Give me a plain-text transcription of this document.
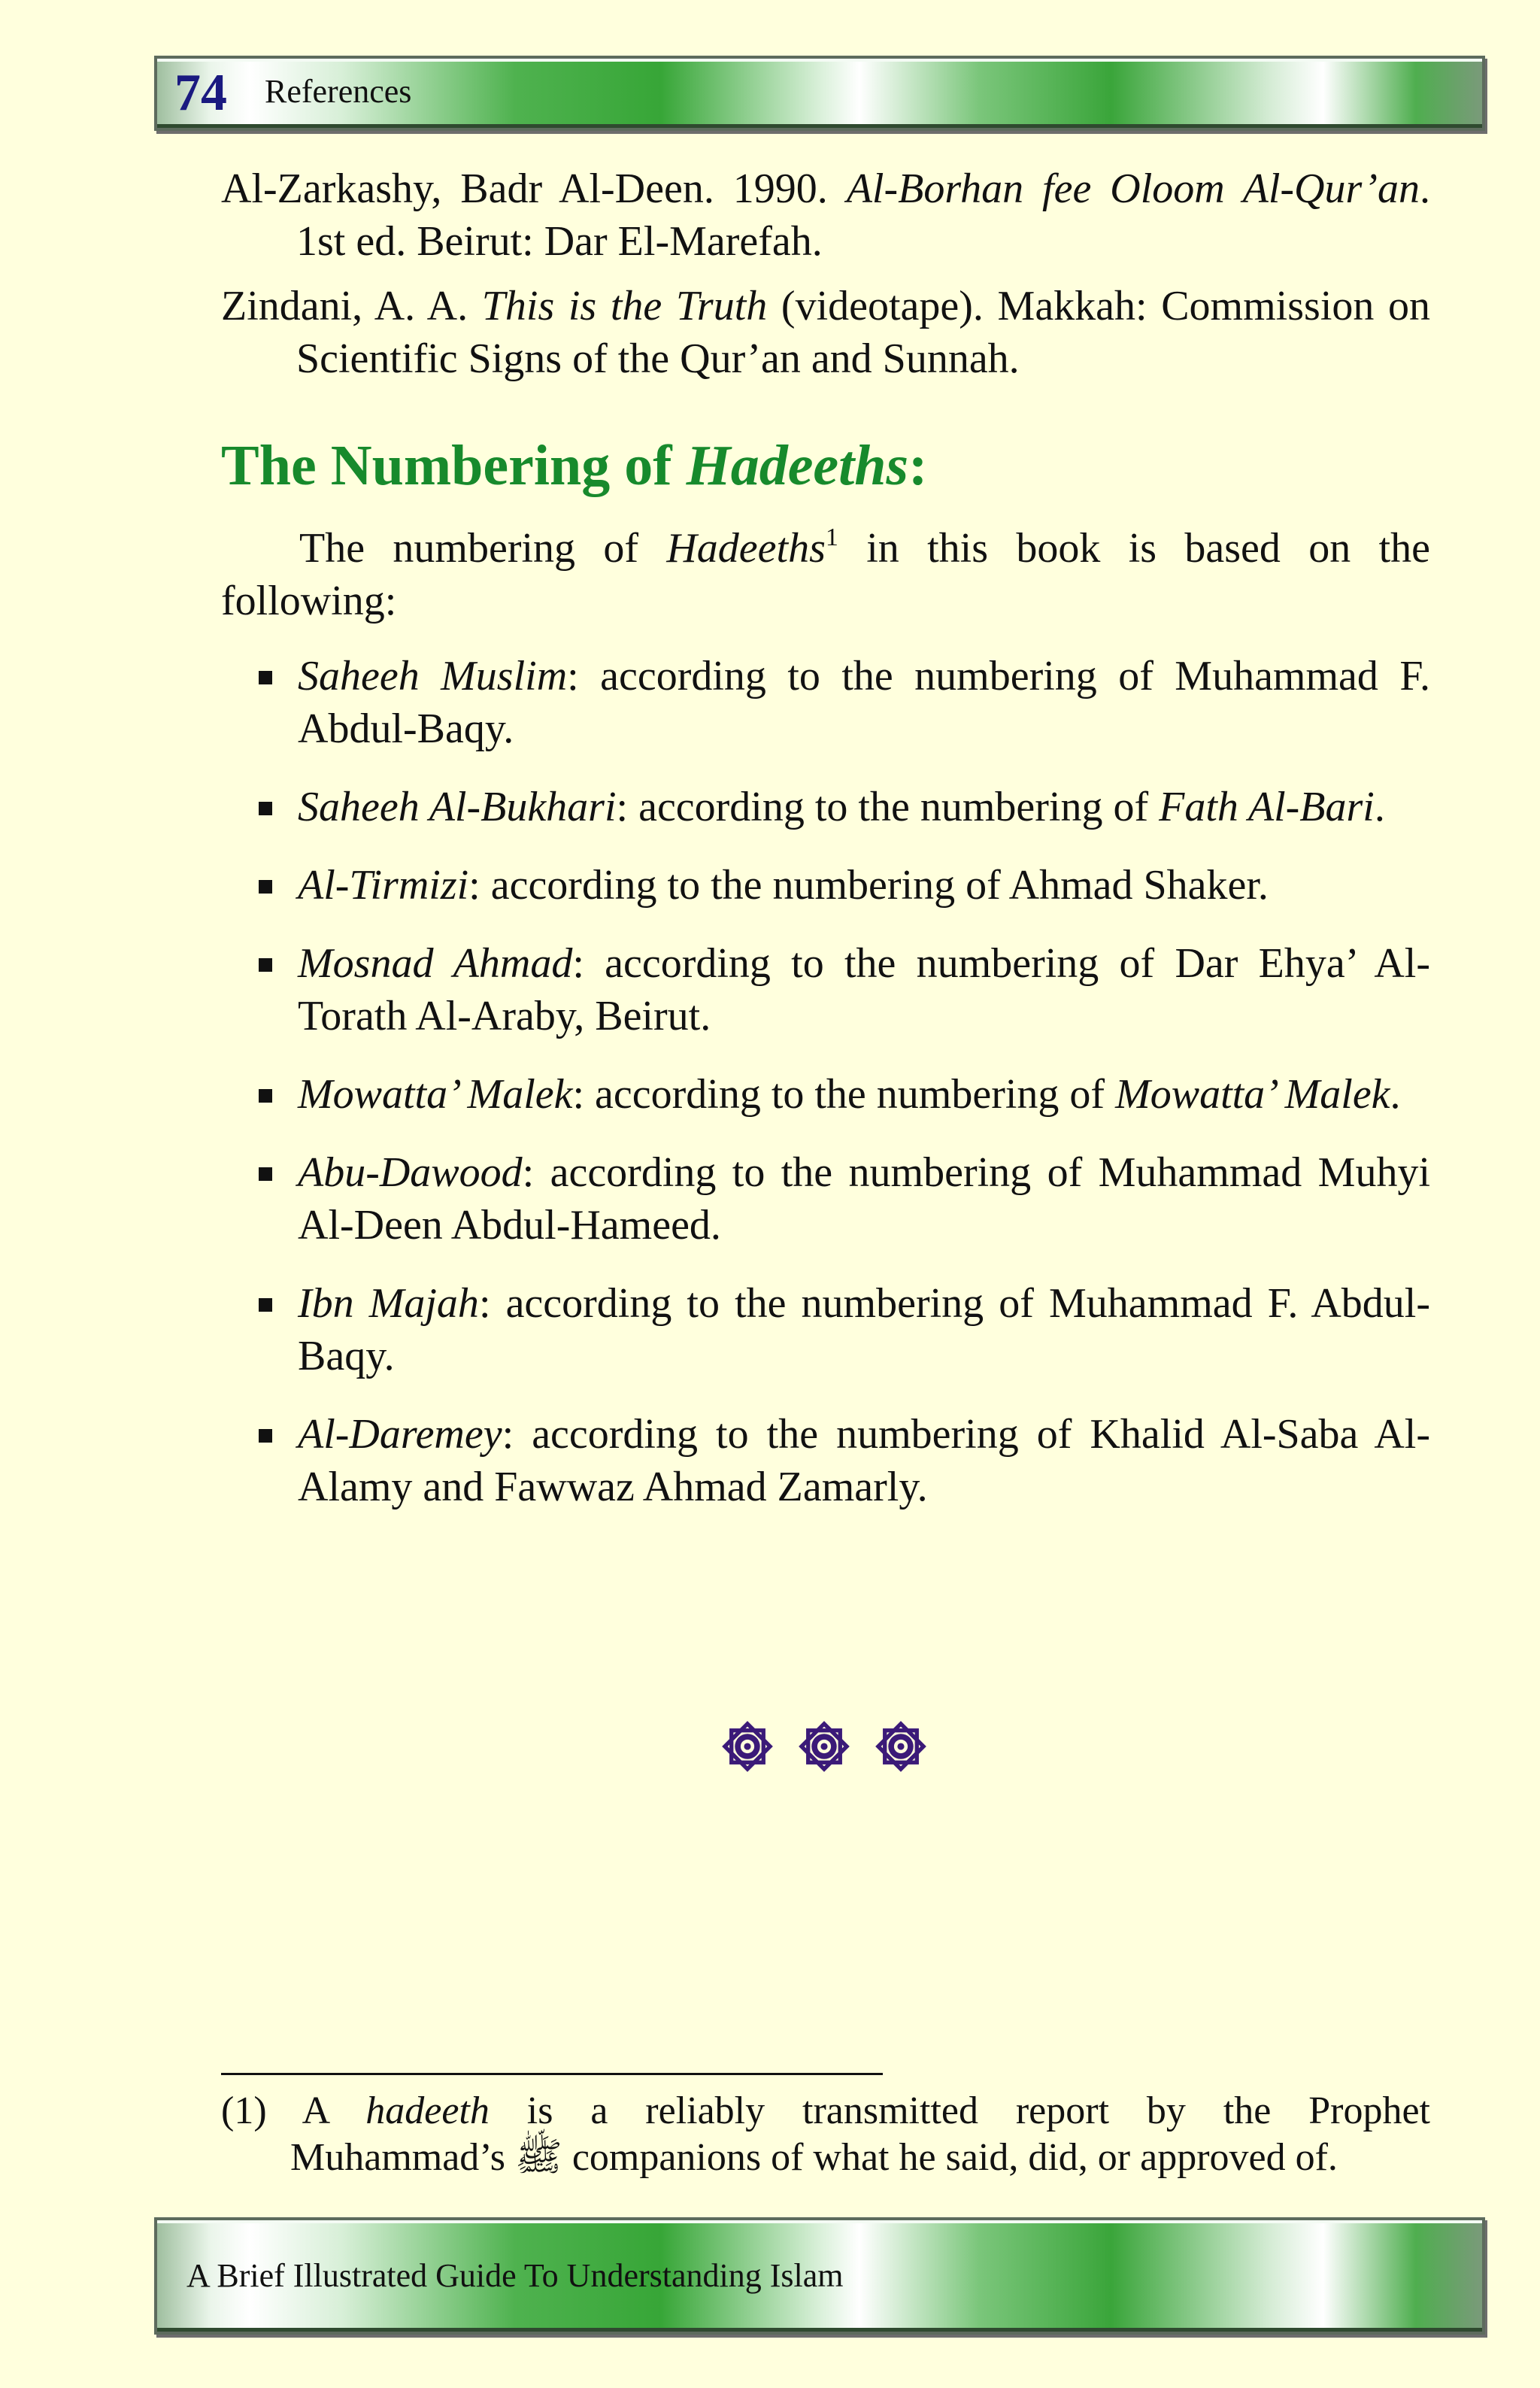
74 References

Al-Zarkashy, Badr Al-Deen. 1990. Al-Borhan fee Oloom Al-Qur’an. 1st ed. Beirut: Dar El-Marefah.

Zindani, A. A. This is the Truth (videotape). Makkah: Commission on Scientific Signs of the Qur’an and Sunnah.

The Numbering of Hadeeths:

The numbering of Hadeeths$^1$ in this book is based on the following:

Saheeh Muslim: according to the numbering of Muhammad F. Abdul-Baqy.
Saheeh Al-Bukhari: according to the numbering of Fath Al-Bari.
Al-Tirmizi: according to the numbering of Ahmad Shaker.
Mosnad Ahmad: according to the numbering of Dar Ehya’ Al-Torath Al-Araby, Beirut.
Mowatta’ Malek: according to the numbering of Mowatta’ Malek.
Abu-Dawood: according to the numbering of Muhammad Muhyi Al-Deen Abdul-Hameed.
Ibn Majah: according to the numbering of Muhammad F. Abdul-Baqy.
Al-Daremey: according to the numbering of Khalid Al-Saba Al-Alamy and Fawwaz Ahmad Zamarly.

(1) A hadeeth is a reliably transmitted report by the Prophet

Muhammad’s ﷺ companions of what he said, did, or approved of.

A Brief Illustrated Guide To Understanding Islam
